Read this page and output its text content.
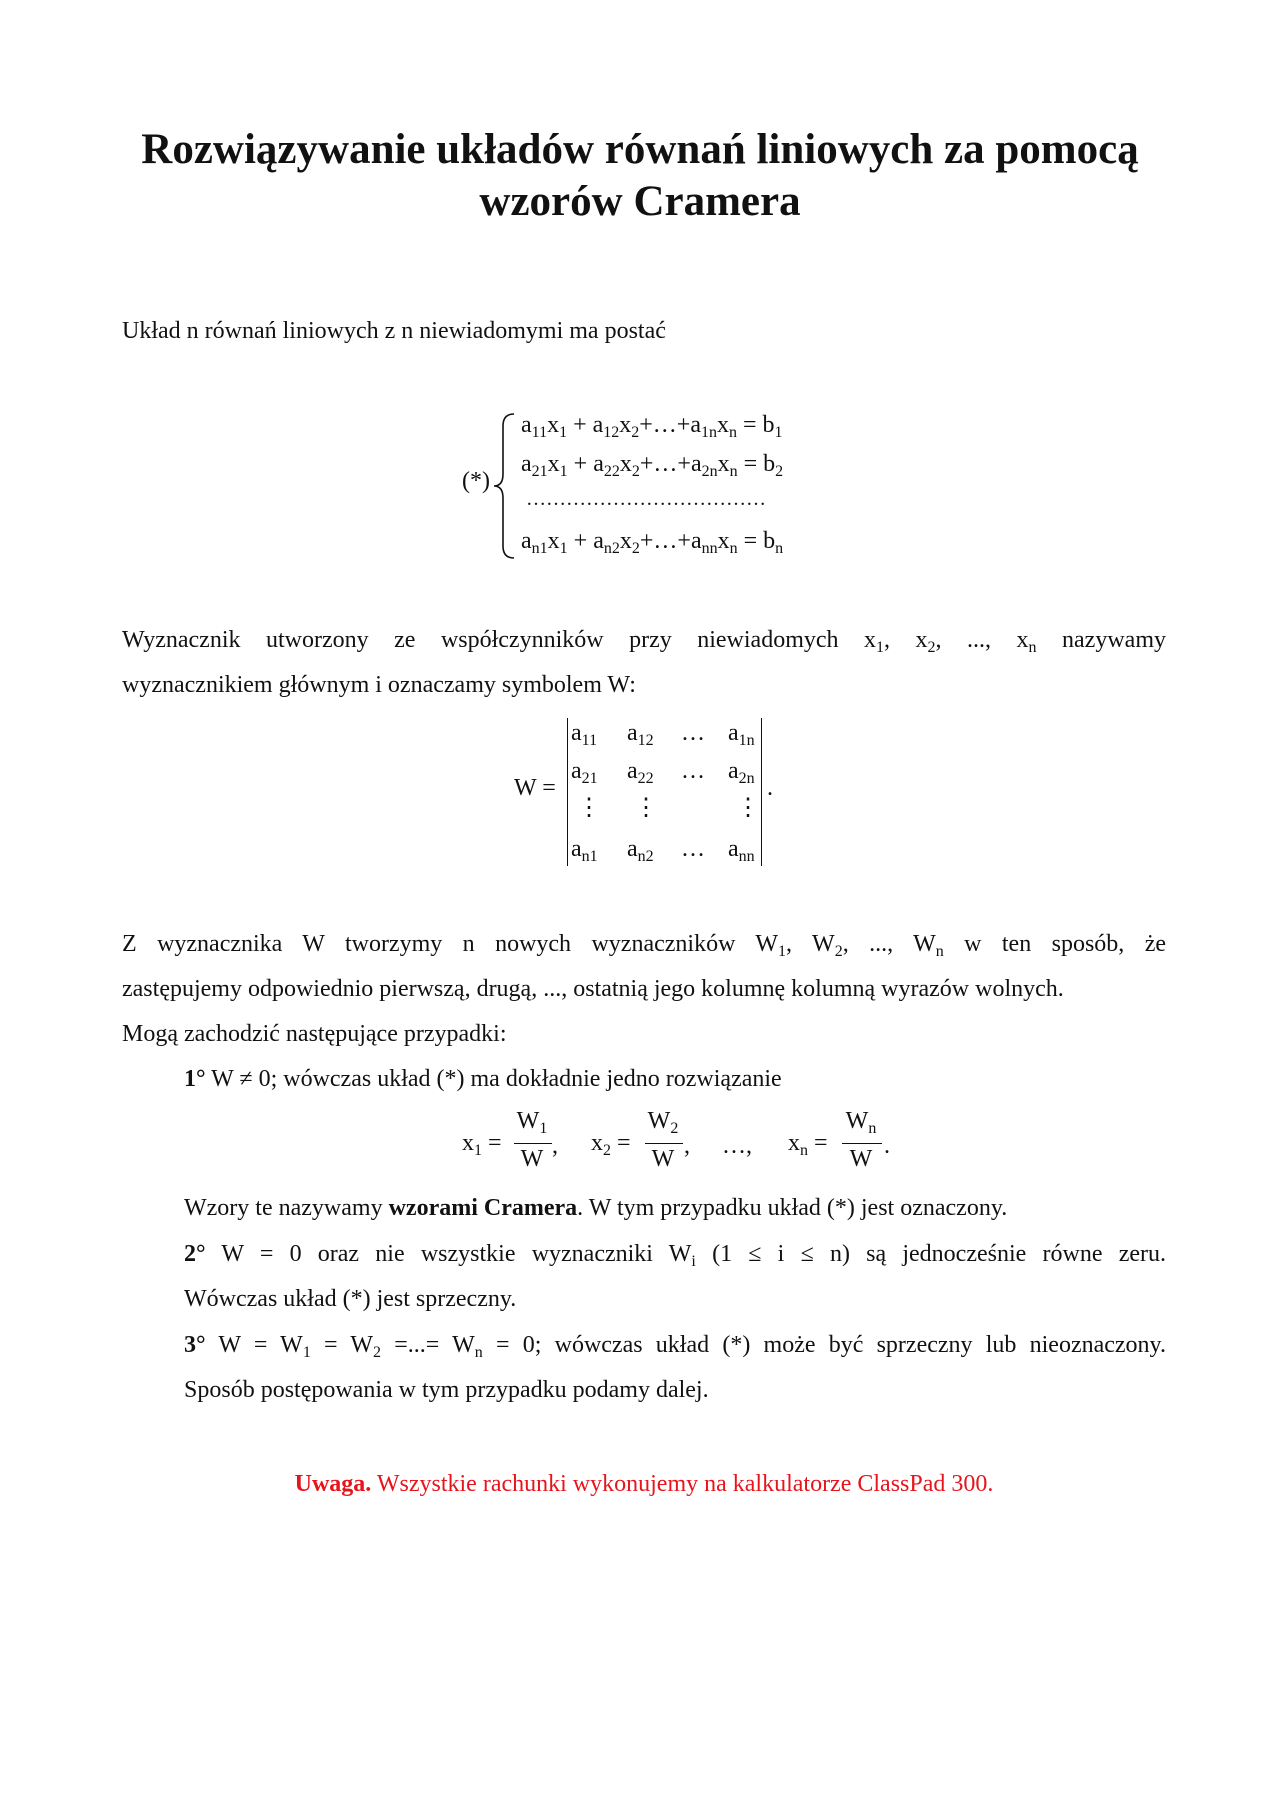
Rozwiązywanie układów równań liniowych za pomocą
wzorów Cramera
Układ n równań liniowych z n niewiadomymi ma postać
(*)
$a_{11}x_1$ + $a_{12}x_2+\dots+a_{1n}x_n = b_1$
$a_{21}x_1$ + $a_{22}x_2+\dots+a_{2n}x_n = b_2$
………………………………
$a_{n1}x_1$ + $a_{n2}x_2+\dots+a_{nn}x_n = b_n$
Wyznacznik utworzony ze współczynników przy niewiadomych $x_1$, $x_2$, ..., $x_n$ nazywamy
wyznacznikiem głównym i oznaczamy symbolem W:
W =	.
$a_{11}$ $a_{12}$ … $a_{1n}$
$a_{21}$ $a_{22}$ … $a_{2n}$
⋮ ⋮	⋮
$a_{n1}$ $a_{n2}$ … $a_{nn}$
Z wyznacznika W tworzymy n nowych wyznaczników $W_1$, $W_2$, ..., $W_n$ w ten sposób, że
zastępujemy odpowiednio pierwszą, drugą, ..., ostatnią jego kolumnę kolumną wyrazów wolnych.
Mogą zachodzić następujące przypadki:
1° W ≠ 0; wówczas układ (*) ma dokładnie jedno rozwiązanie
$x_1$ =
$W_1$
W , $x_2$ =
$W_2$
W , …, $x_n$ =
$W_n$
W .
Wzory te nazywamy wzorami Cramera. W tym przypadku układ (*) jest oznaczony.
2° W = 0 oraz nie wszystkie wyznaczniki $W_i$ (1 ≤ i ≤ n) są jednocześnie równe zeru.
Wówczas układ (*) jest sprzeczny.
3° $W = W_1 = W_2$ =...= $W_n = 0$; wówczas układ (*) może być sprzeczny lub nieoznaczony.
Sposób postępowania w tym przypadku podamy dalej.
Uwaga. Wszystkie rachunki wykonujemy na kalkulatorze ClassPad 300.
